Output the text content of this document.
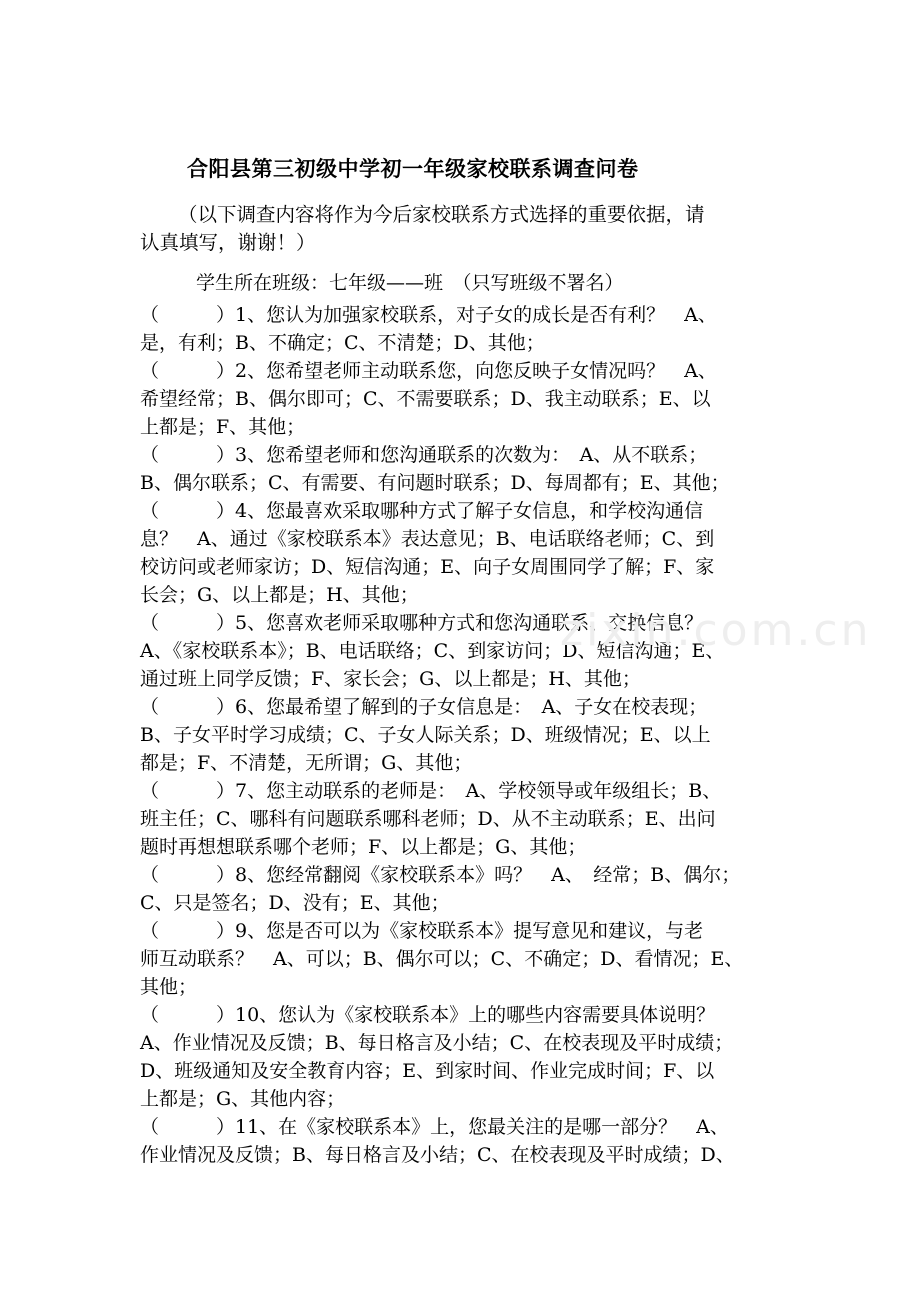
合阳县第三初级中学初一年级家校联系调查问卷
（以下调查内容将作为今后家校联系方式选择的重要依据，请
认真填写，谢谢！）
学生所在班级：七年级——班　（只写班级不署名）
（　　　）1、您认为加强家校联系，对子女的成长是否有利？　A、
是，有利；B、不确定；C、不清楚；D、其他；
（　　　）2、您希望老师主动联系您，向您反映子女情况吗？　A、
希望经常；B、偶尔即可；C、不需要联系；D、我主动联系；E、以
上都是；F、其他；
（　　　）3、您希望老师和您沟通联系的次数为：　A、从不联系；
B、偶尔联系；C、有需要、有问题时联系；D、每周都有；E、其他；
（　　　）4、您最喜欢采取哪种方式了解子女信息，和学校沟通信
息？　A、通过《家校联系本》表达意见；B、电话联络老师；C、到
校访问或老师家访；D、短信沟通；E、向子女周围同学了解；F、家
长会；G、以上都是；H、其他；
（　　　）5、您喜欢老师采取哪种方式和您沟通联系、交换信息？
A、《家校联系本》；B、电话联络；C、到家访问；D、短信沟通；E、
通过班上同学反馈；F、家长会；G、以上都是；H、其他；
（　　　）6、您最希望了解到的子女信息是：　A、子女在校表现；
B、子女平时学习成绩；C、子女人际关系；D、班级情况；E、以上
都是；F、不清楚，无所谓；G、其他；
（　　　）7、您主动联系的老师是：　A、学校领导或年级组长；B、
班主任；C、哪科有问题联系哪科老师；D、从不主动联系；E、出问
题时再想想联系哪个老师；F、以上都是；G、其他；
（　　　）8、您经常翻阅《家校联系本》吗？　A、　经常；B、偶尔；
C、只是签名；D、没有；E、其他；
（　　　）9、您是否可以为《家校联系本》提写意见和建议，与老
师互动联系？　A、可以；B、偶尔可以；C、不确定；D、看情况；E、
其他；
（　　　）10、您认为《家校联系本》上的哪些内容需要具体说明？
A、作业情况及反馈；B、每日格言及小结；C、在校表现及平时成绩；
D、班级通知及安全教育内容；E、到家时间、作业完成时间；F、以
上都是；G、其他内容；
（　　　）11、在《家校联系本》上，您最关注的是哪一部分？　A、
作业情况及反馈；B、每日格言及小结；C、在校表现及平时成绩；D、
zixin.com.cn
